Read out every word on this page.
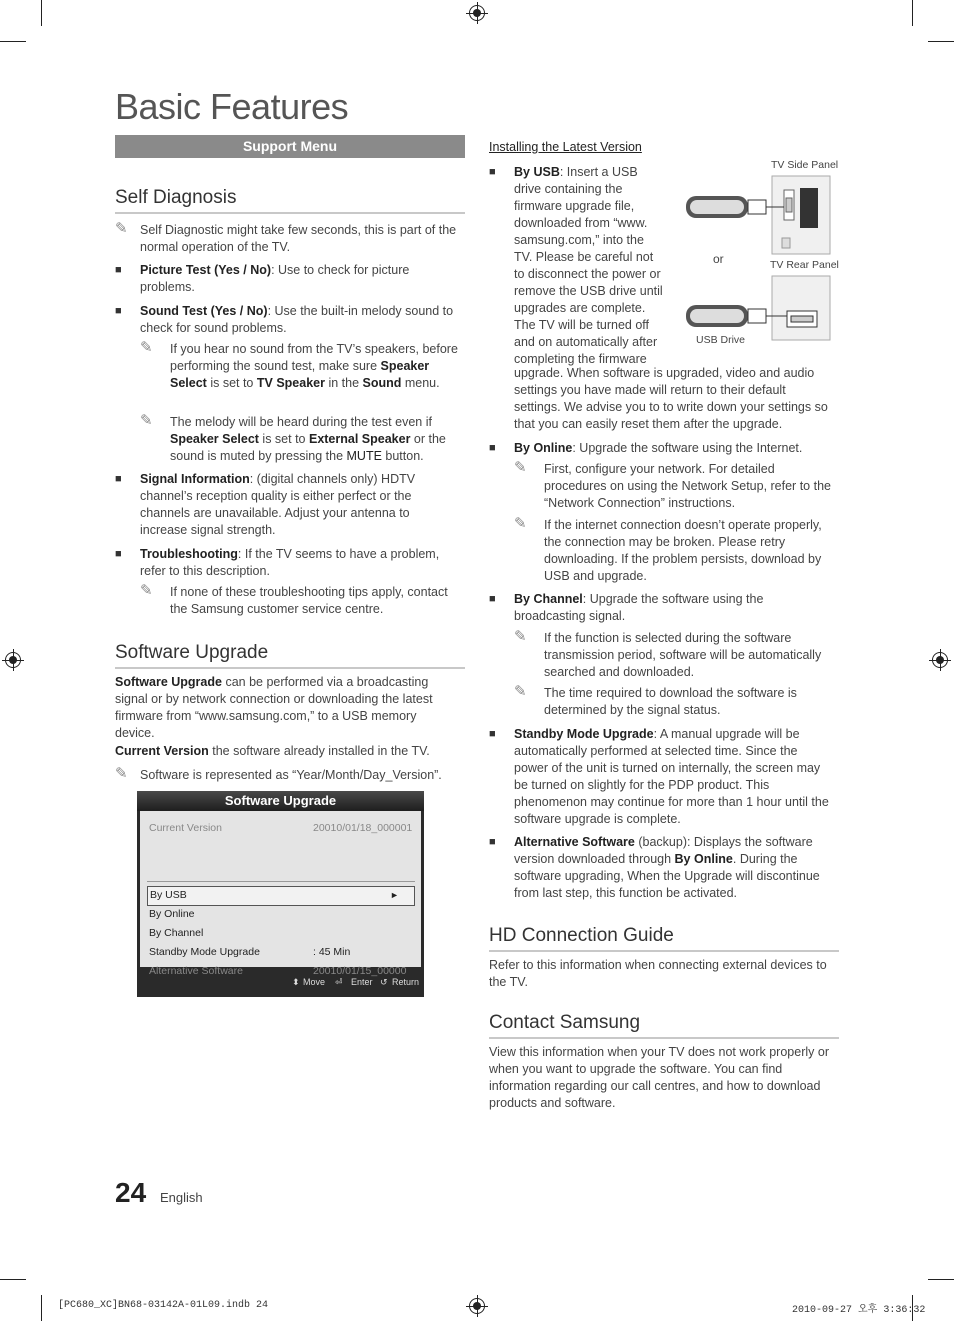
Basic Features
Support Menu
Self Diagnosis
✎ Self Diagnostic might take few seconds, this is part of the normal operation of the TV.
■ Picture Test (Yes / No): Use to check for picture problems.
■ Sound Test (Yes / No): Use the built-in melody sound to check for sound problems.
✎ If you hear no sound from the TV’s speakers, before performing the sound test, make sure Speaker Select is set to TV Speaker in the Sound menu.
✎ The melody will be heard during the test even if Speaker Select is set to External Speaker or the sound is muted by pressing the MUTE button.
■ Signal Information: (digital channels only) HDTV channel’s reception quality is either perfect or the channels are unavailable. Adjust your antenna to increase signal strength.
■ Troubleshooting: If the TV seems to have a problem, refer to this description.
✎ If none of these troubleshooting tips apply, contact the Samsung customer service centre.
Software Upgrade

Software Upgrade can be performed via a broadcasting signal or by network connection or downloading the latest firmware from “www.samsung.com,” to a USB memory device.

Current Version the software already installed in the TV.

✎ Software is represented as “Year/Month/Day_Version”.
Software Upgrade
Current Version	20010/01/18_000001
By USB	►
By Online
By Channel
Standby Mode Upgrade	: 45 Min
Alternative Software	20010/01/15_00000
⬍ Move ⏎ Enter ↺ Return
Installing the Latest Version
■ By USB: Insert a USB
drive containing the
firmware upgrade file,
downloaded from “www.
samsung.com,” into the
TV. Please be careful not
to disconnect the power or
remove the USB drive until
upgrades are complete.
The TV will be turned off
and on automatically after
completing the firmware

upgrade. When software is upgraded, video and audio settings you have made will return to their default settings. We advise you to to write down your settings so that you can easily reset them after the upgrade.

TV Side Panel
TV Rear Panel
or
USB Drive
■ By Online: Upgrade the software using the Internet.
✎ First, configure your network. For detailed procedures on using the Network Setup, refer to the “Network Connection” instructions.
✎ If the internet connection doesn’t operate properly, the connection may be broken. Please retry downloading. If the problem persists, download by USB and upgrade.
■ By Channel: Upgrade the software using the broadcasting signal.
✎ If the function is selected during the software transmission period, software will be automatically searched and downloaded.
✎ The time required to download the software is determined by the signal status.
■ Standby Mode Upgrade: A manual upgrade will be automatically performed at selected time. Since the power of the unit is turned on internally, the screen may be turned on slightly for the PDP product. This phenomenon may continue for more than 1 hour until the software upgrade is complete.
■ Alternative Software (backup): Displays the software version downloaded through By Online. During the software upgrading, When the Upgrade will discontinue from last step, this function be activated.
HD Connection Guide

Refer to this information when connecting external devices to the TV.

Contact Samsung

View this information when your TV does not work properly or when you want to upgrade the software. You can find information regarding our call centres, and how to download products and software.

24 English
[PC680_XC]BN68-03142A-01L09.indb 24	2010-09-27 오후 3:36:32
